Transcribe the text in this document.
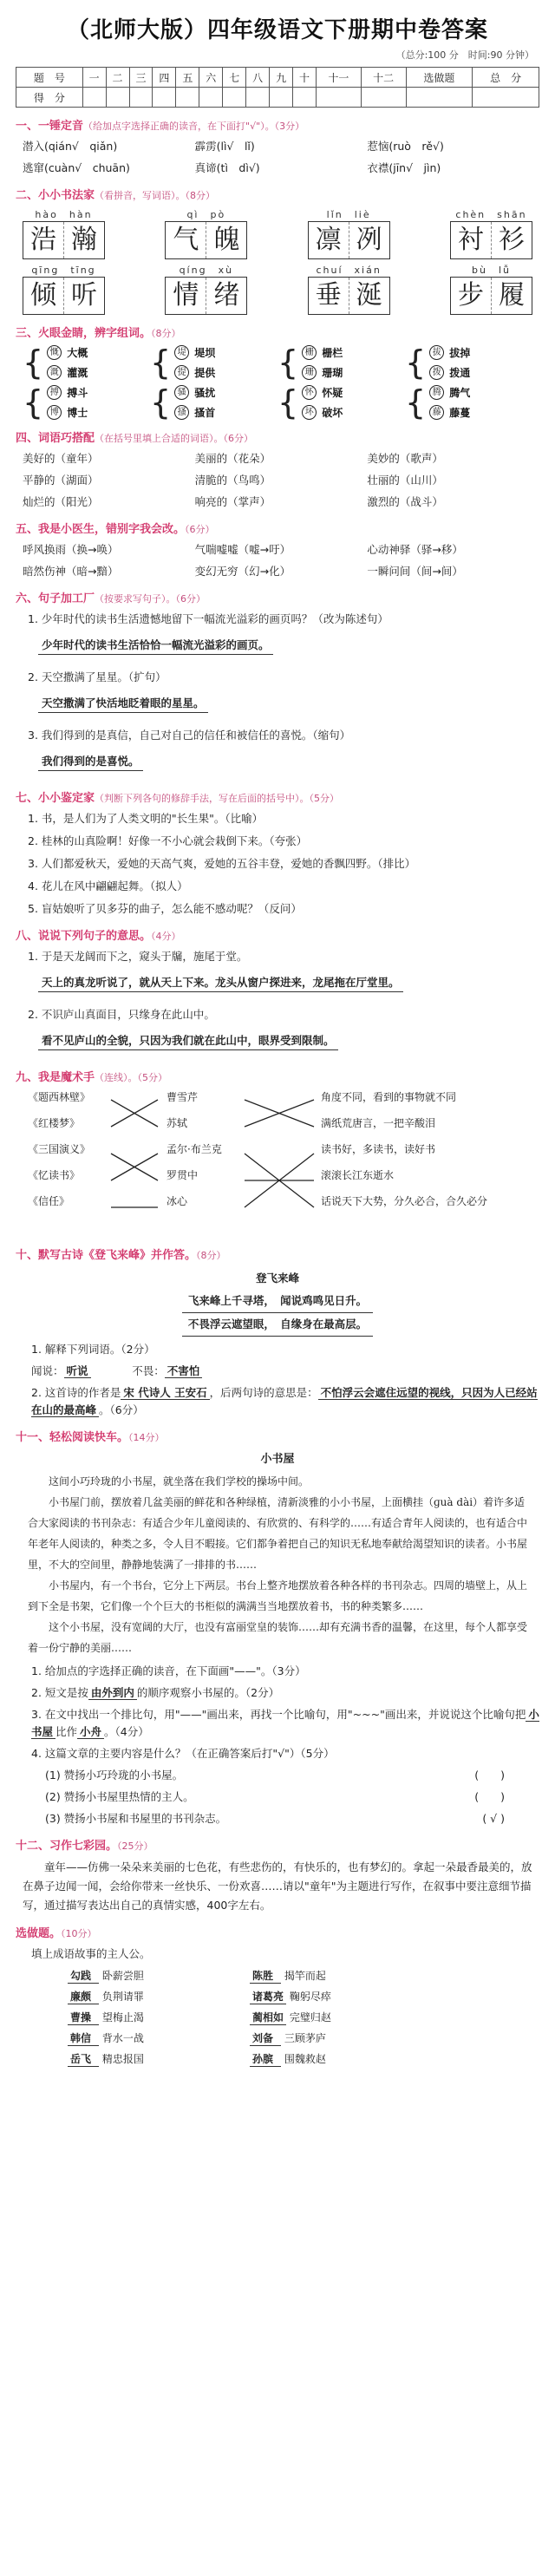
（北师大版）四年级语文下册期中卷答案
（总分:100 分　时间:90 分钟）
题　号	一	二	三	四	五	六	七	八	九	十	十一	十二	选做题	总　分
得　分														
一、一锤定音（给加点字选择正确的读音，在下面打"√"）。（3分）
潜入(qián√　qiǎn)	霹雳(lì√　lǐ)	惹恼(ruò　rě√)
逃窜(cuàn√　chuān)	真谛(tì　dì√)	衣襟(jīn√　jìn)
二、小小书法家（看拼音，写词语）。（8分）
hào　hàn
浩 瀚
qì　pò
气 魄
lǐn　liè
凛 冽
chèn　shān
衬 衫
qīng　tīng
倾 听
qíng　xù
情 绪
chuí　xián
垂 涎
bù　lǚ
步 履
三、火眼金睛，辨字组词。（8分）
{ 慨 大概
溉 灌溉 { 堤 堤坝
提 提供 { 栅 栅栏
珊 珊瑚 { 拔 拔掉
拨 拨通
{ 搏 搏斗
博 博士 { 骚 骚扰
搔 搔首 { 怀 怀疑
坏 破坏 { 腾 腾气
藤 藤蔓
四、词语巧搭配（在括号里填上合适的词语）。（6分）
美好的（童年）	美丽的（花朵）	美妙的（歌声）
平静的（湖面）	清脆的（鸟鸣）	壮丽的（山川）
灿烂的（阳光）	响亮的（掌声）	激烈的（战斗）
五、我是小医生，错别字我会改。（6分）
呼风换雨（换→唤）	气喘嘘嘘（嘘→吁）	心动神驿（驿→移）
暗然伤神（暗→黯）	变幻无穷（幻→化）	一瞬问间（间→间）
六、句子加工厂（按要求写句子）。（6分）
1. 少年时代的读书生活遗憾地留下一幅流光溢彩的画页吗？（改为陈述句）
少年时代的读书生活恰恰一幅流光溢彩的画页。
2. 天空撒满了星星。（扩句）
天空撒满了快活地眨着眼的星星。
3. 我们得到的是真信，自己对自己的信任和被信任的喜悦。（缩句）
我们得到的是喜悦。
七、小小鉴定家（判断下列各句的修辞手法，写在后面的括号中）。（5分）
1. 书，是人们为了人类文明的"长生果"。（比喻）
2. 桂林的山真险啊！好像一不小心就会栽倒下来。（夸张）
3. 人们都爱秋天，爱她的天高气爽，爱她的五谷丰登，爱她的香飘四野。（排比）
4. 花儿在风中翩翩起舞。（拟人）
5. 盲姑娘听了贝多芬的曲子，怎么能不感动呢？（反问）
八、说说下列句子的意思。（4分）
1. 于是天龙阔而下之，窥头于牖，施尾于堂。
天上的真龙听说了，就从天上下来。龙头从窗户探进来，龙尾拖在厅堂里。
2. 不识庐山真面目，只缘身在此山中。
看不见庐山的全貌，只因为我们就在此山中，眼界受到限制。
九、我是魔术手（连线）。（5分）
《题西林壁》
《红楼梦》
《三国演义》
《忆读书》
《信任》
曹雪芹
苏轼
孟尔·布兰克
罗贯中
冰心
角度不同，看到的事物就不同
满纸荒唐言，一把辛酸泪
读书好，多读书，读好书
滚滚长江东逝水
话说天下大势，分久必合，合久必分
十、默写古诗《登飞来峰》并作答。（8分）
登飞来峰
飞来峰上千寻塔，　闻说鸡鸣见日升。
不畏浮云遮望眼，　自缘身在最高层。
1. 解释下列词语。（2分）
闻说： 听说	不畏： 不害怕
2. 这首诗的作者是 宋 代诗人 王安石 ，后两句诗的意思是： 不怕浮云会遮住远望的视线，只因为人已经站在山的最高峰 。（6分）
十一、轻松阅读快车。（14分）
小书屋
这间小巧玲珑的小书屋，就坐落在我们学校的操场中间。
小书屋门前，摆放着几盆美丽的鲜花和各种绿植，清新淡雅的小小书屋，上面横挂（ɡuà dài）着许多适合大家阅读的书刊杂志：有适合少年儿童阅读的、有欣赏的、有科学的……有适合青年人阅读的，也有适合中年老年人阅读的，种类之多，令人目不暇接。它们都争着把自己的知识无私地奉献给渴望知识的读者。小书屋里，不大的空间里，静静地装满了一排排的书……
小书屋内，有一个书台，它分上下两层。书台上整齐地摆放着各种各样的书刊杂志。四周的墙壁上，从上到下全是书架，它们像一个个巨大的书柜似的满满当当地摆放着书，书的种类繁多……
这个小书屋，没有宽阔的大厅，也没有富丽堂皇的装饰……却有充满书香的温馨，在这里，每个人都享受着一份宁静的美丽……
1. 给加点的字选择正确的读音，在下面画"——"。（3分）
2. 短文是按 由外到内 的顺序观察小书屋的。（2分）
3. 在文中找出一个排比句，用"——"画出来，再找一个比喻句，用"~~~"画出来，并说说这个比喻句把 小书屋 比作 小舟 。（4分）
4. 这篇文章的主要内容是什么？（在正确答案后打"√"）（5分）
(1) 赞扬小巧玲珑的小书屋。	(　　)
(2) 赞扬小书屋里热情的主人。	(　　)
(3) 赞扬小书屋和书屋里的书刊杂志。	( √ )
十二、习作七彩园。（25分）
童年——仿佛一朵朵来美丽的七色花，有些悲伤的，有快乐的，也有梦幻的。拿起一朵最香最美的，放在鼻子边闻一闻，会给你带来一丝快乐、一份欢喜……请以"童年"为主题进行写作，在叙事中要注意细节描写，通过描写表达出自己的真情实感，400字左右。
选做题。（10分）
填上成语故事的主人公。
勾践 卧薪尝胆	陈胜 揭竿而起
廉颇 负荆请罪	诸葛亮 鞠躬尽瘁
曹操 望梅止渴	蔺相如 完璧归赵
韩信 背水一战	刘备 三顾茅庐
岳飞 精忠报国	孙膑 围魏救赵
